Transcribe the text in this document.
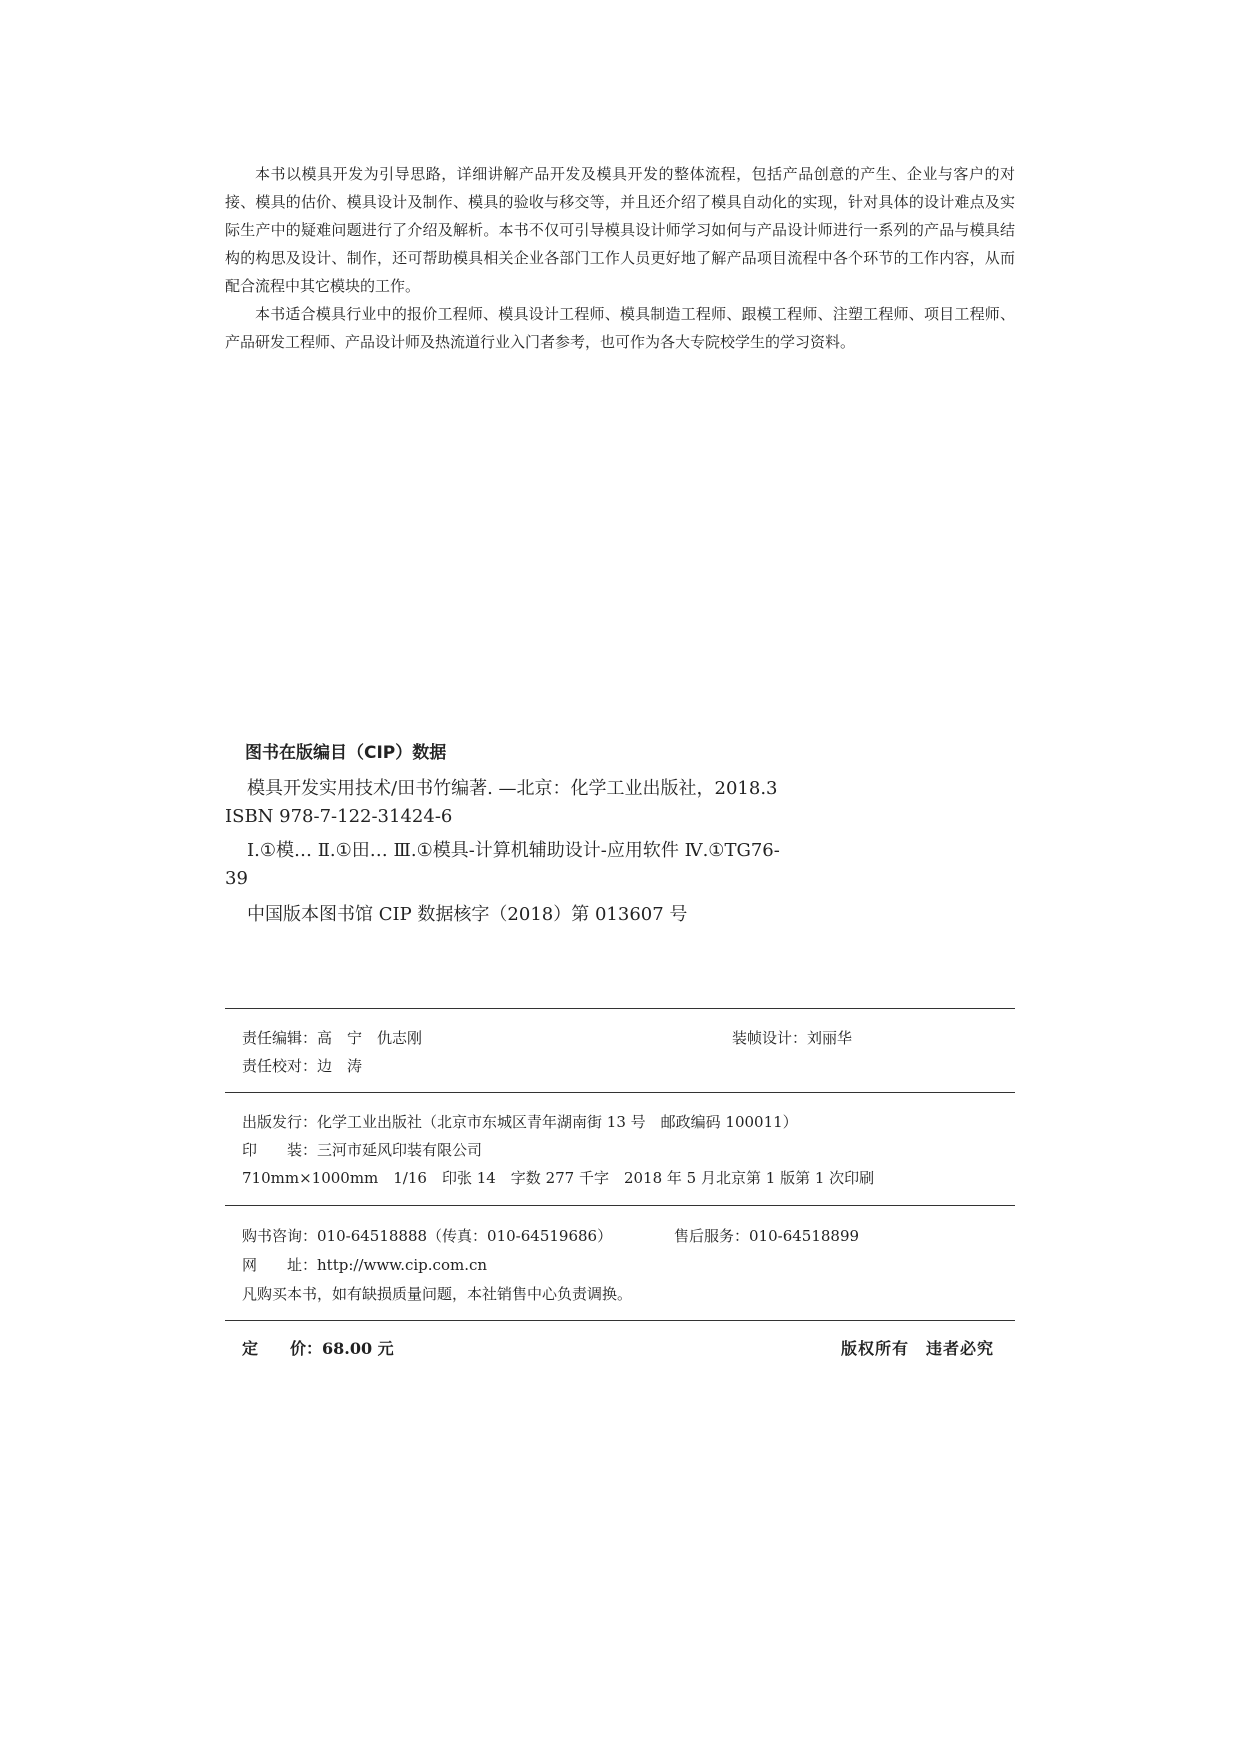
本书以模具开发为引导思路，详细讲解产品开发及模具开发的整体流程，包括产品创意的产生、企业与客户的对接、模具的估价、模具设计及制作、模具的验收与移交等，并且还介绍了模具自动化的实现，针对具体的设计难点及实际生产中的疑难问题进行了介绍及解析。本书不仅可引导模具设计师学习如何与产品设计师进行一系列的产品与模具结构的构思及设计、制作，还可帮助模具相关企业各部门工作人员更好地了解产品项目流程中各个环节的工作内容，从而配合流程中其它模块的工作。

本书适合模具行业中的报价工程师、模具设计工程师、模具制造工程师、跟模工程师、注塑工程师、项目工程师、产品研发工程师、产品设计师及热流道行业入门者参考，也可作为各大专院校学生的学习资料。

图书在版编目（CIP）数据

模具开发实用技术/田书竹编著. —北京：化学工业出版社，2018.3
ISBN 978-7-122-31424-6

Ⅰ.①模… Ⅱ.①田… Ⅲ.①模具-计算机辅助设计-应用软件 Ⅳ.①TG76-39

中国版本图书馆 CIP 数据核字（2018）第 013607 号

责任编辑：高　宁　仇志刚	装帧设计：刘丽华
责任校对：边　涛
出版发行：化学工业出版社（北京市东城区青年湖南街 13 号　邮政编码 100011）
印　　装：三河市延风印装有限公司
710mm×1000mm　1/16　印张 14　字数 277 千字　2018 年 5 月北京第 1 版第 1 次印刷
购书咨询：010-64518888（传真：010-64519686）	售后服务：010-64518899
网　　址：http://www.cip.com.cn
凡购买本书，如有缺损质量问题，本社销售中心负责调换。
定　　价：68.00 元	版权所有　违者必究
